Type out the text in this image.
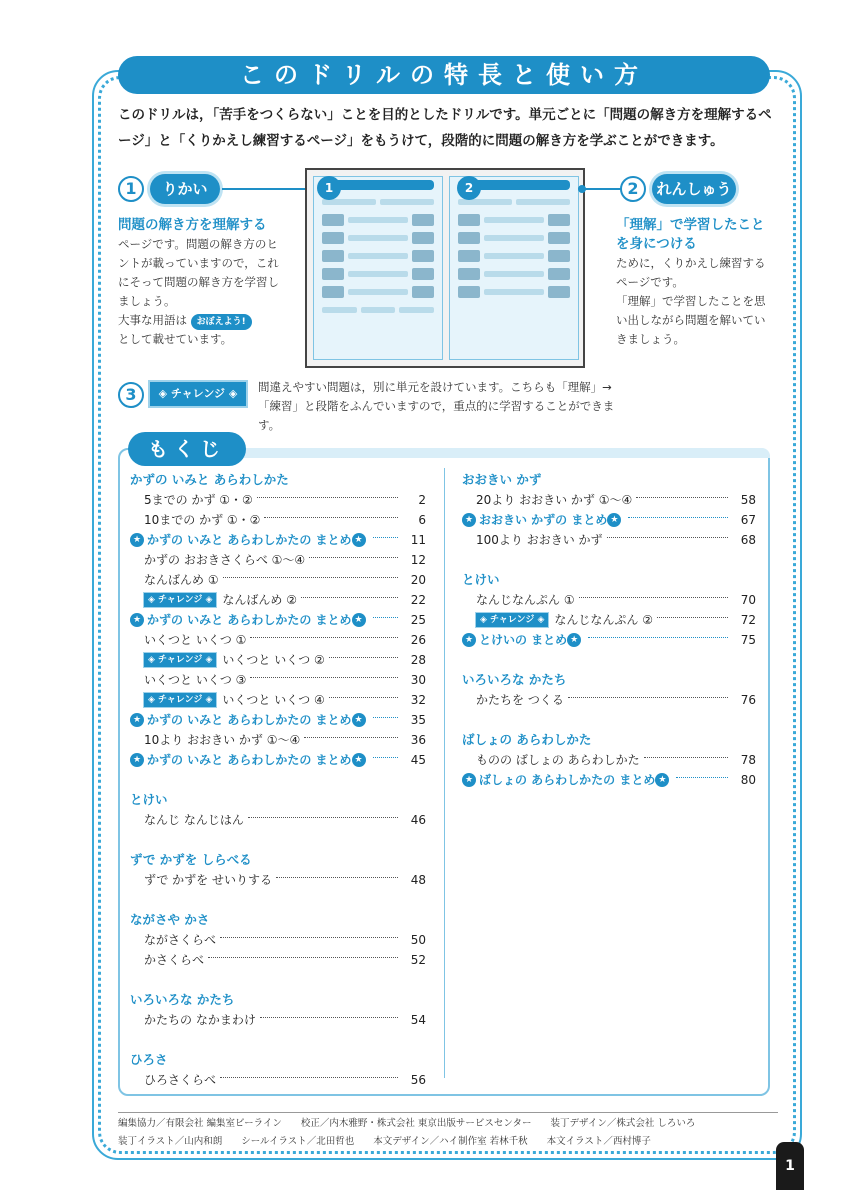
このドリルの特長と使い方

このドリルは，「苦手をつくらない」ことを目的としたドリルです。単元ごとに「問題の解き方を理解するページ」と「くりかえし練習するページ」をもうけて，段階的に問題の解き方を学ぶことができます。

1	りかい
問題の解き方を理解する
ページです。問題の解き方のヒントが載っていますので，これにそって問題の解き方を学習しましょう。
大事な用語は おぼえよう!
として載せています。
1	2	2	れんしゅう
「理解」で学習したことを身につける
ために，くりかえし練習するページです。
「理解」で学習したことを思い出しながら問題を解いていきましょう。
3	◈ チャレンジ ◈	間違えやすい問題は，別に単元を設けています。こちらも「理解」→「練習」と段階をふんでいますので，重点的に学習することができます。
もくじ
かずの いみと あらわしかた
5までの かず ①・②	2
10までの かず ①・②	6
★ かずの いみと あらわしかたの まとめ ★	11
かずの おおきさくらべ ①〜④	12
なんばんめ ①	20
◈ チャレンジ ◈ なんばんめ ②	22
★ かずの いみと あらわしかたの まとめ ★	25
いくつと いくつ ①	26
◈ チャレンジ ◈ いくつと いくつ ②	28
いくつと いくつ ③	30
◈ チャレンジ ◈ いくつと いくつ ④	32
★ かずの いみと あらわしかたの まとめ ★	35
10より おおきい かず ①〜④	36
★ かずの いみと あらわしかたの まとめ ★	45
とけい
なんじ なんじはん	46
ずで かずを しらべる
ずで かずを せいりする	48
ながさや かさ
ながさくらべ	50
かさくらべ	52
いろいろな かたち
かたちの なかまわけ	54
ひろさ
ひろさくらべ	56
おおきい かず
20より おおきい かず ①〜④	58
★ おおきい かずの まとめ ★	67
100より おおきい かず	68
とけい
なんじなんぷん ①	70
◈ チャレンジ ◈ なんじなんぷん ②	72
★ とけいの まとめ ★	75
いろいろな かたち
かたちを つくる	76
ばしょの あらわしかた
ものの ばしょの あらわしかた	78
★ ばしょの あらわしかたの まとめ ★	80
編集協力／有限会社 編集室ビーライン　　校正／内木雅野・株式会社 東京出版サービスセンター　　装丁デザイン／株式会社 しろいろ
装丁イラスト／山内和朗　　シールイラスト／北田哲也　　本文デザイン／ハイ制作室 若林千秋　　本文イラスト／西村博子
1
